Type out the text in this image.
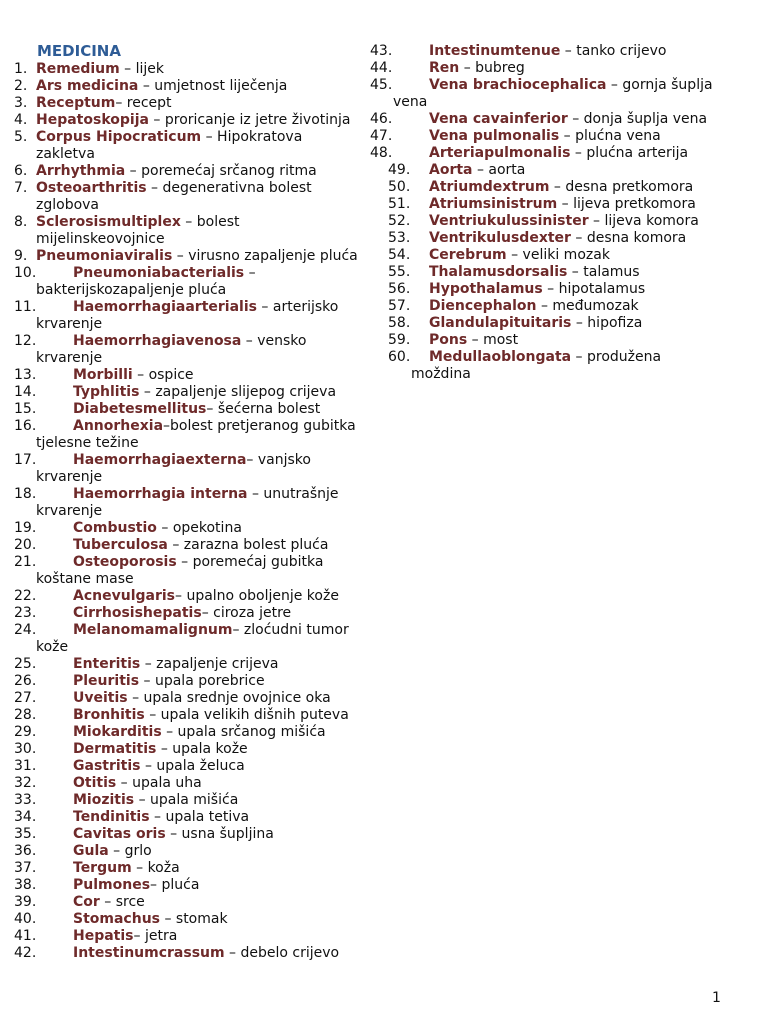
MEDICINA
1. Remedium – lijek
2. Ars medicina – umjetnost liječenja
3. Receptum– recept
4. Hepatoskopija – proricanje iz jetre životinja
5. Corpus Hipocraticum – Hipokratova
zakletva
6. Arrhythmia – poremećaj srčanog ritma
7. Osteoarthritis – degenerativna bolest
zglobova
8. Sclerosismultiplex – bolest
mijelinskeovojnice
9. Pneumoniaviralis – virusno zapaljenje pluća
10.	Pneumoniabacterialis –
bakterijskozapaljenje pluća
11.	Haemorrhagiaarterialis – arterijsko
krvarenje
12.	Haemorrhagiavenosa – vensko
krvarenje
13.	Morbilli – ospice
14.	Typhlitis – zapaljenje slijepog crijeva
15.	Diabetesmellitus– šećerna bolest
16.	Annorhexia–bolest pretjeranog gubitka
tjelesne težine
17.	Haemorrhagiaexterna– vanjsko
krvarenje
18.	Haemorrhagia interna – unutrašnje
krvarenje
19.	Combustio – opekotina
20.	Tuberculosa – zarazna bolest pluća
21.	Osteoporosis – poremećaj gubitka
koštane mase
22.	Acnevulgaris– upalno oboljenje kože
23.	Cirrhosishepatis– ciroza jetre
24.	Melanomamalignum– zloćudni tumor
kože
25.	Enteritis – zapaljenje crijeva
26.	Pleuritis – upala porebrice
27.	Uveitis – upala srednje ovojnice oka
28.	Bronhitis – upala velikih dišnih puteva
29.	Miokarditis – upala srčanog mišića
30.	Dermatitis – upala kože
31.	Gastritis – upala želuca
32.	Otitis – upala uha
33.	Miozitis – upala mišića
34.	Tendinitis – upala tetiva
35.	Cavitas oris – usna šupljina
36.	Gula – grlo
37.	Tergum – koža
38.	Pulmones– pluća
39.	Cor – srce
40.	Stomachus – stomak
41.	Hepatis– jetra
42.	Intestinumcrassum – debelo crijevo
43.	Intestinumtenue – tanko crijevo
44.	Ren – bubreg
45.	Vena brachiocephalica – gornja šuplja
vena
46.	Vena cavainferior – donja šuplja vena
47.	Vena pulmonalis – plućna vena
48.	Arteriapulmonalis – plućna arterija
49. Aorta – aorta
50. Atriumdextrum – desna pretkomora
51. Atriumsinistrum – lijeva pretkomora
52. Ventriukulussinister – lijeva komora
53. Ventrikulusdexter – desna komora
54. Cerebrum – veliki mozak
55. Thalamusdorsalis – talamus
56. Hypothalamus – hipotalamus
57. Diencephalon – međumozak
58. Glandulapituitaris – hipofiza
59. Pons – most
60. Medullaoblongata – produžena
moždina
1
